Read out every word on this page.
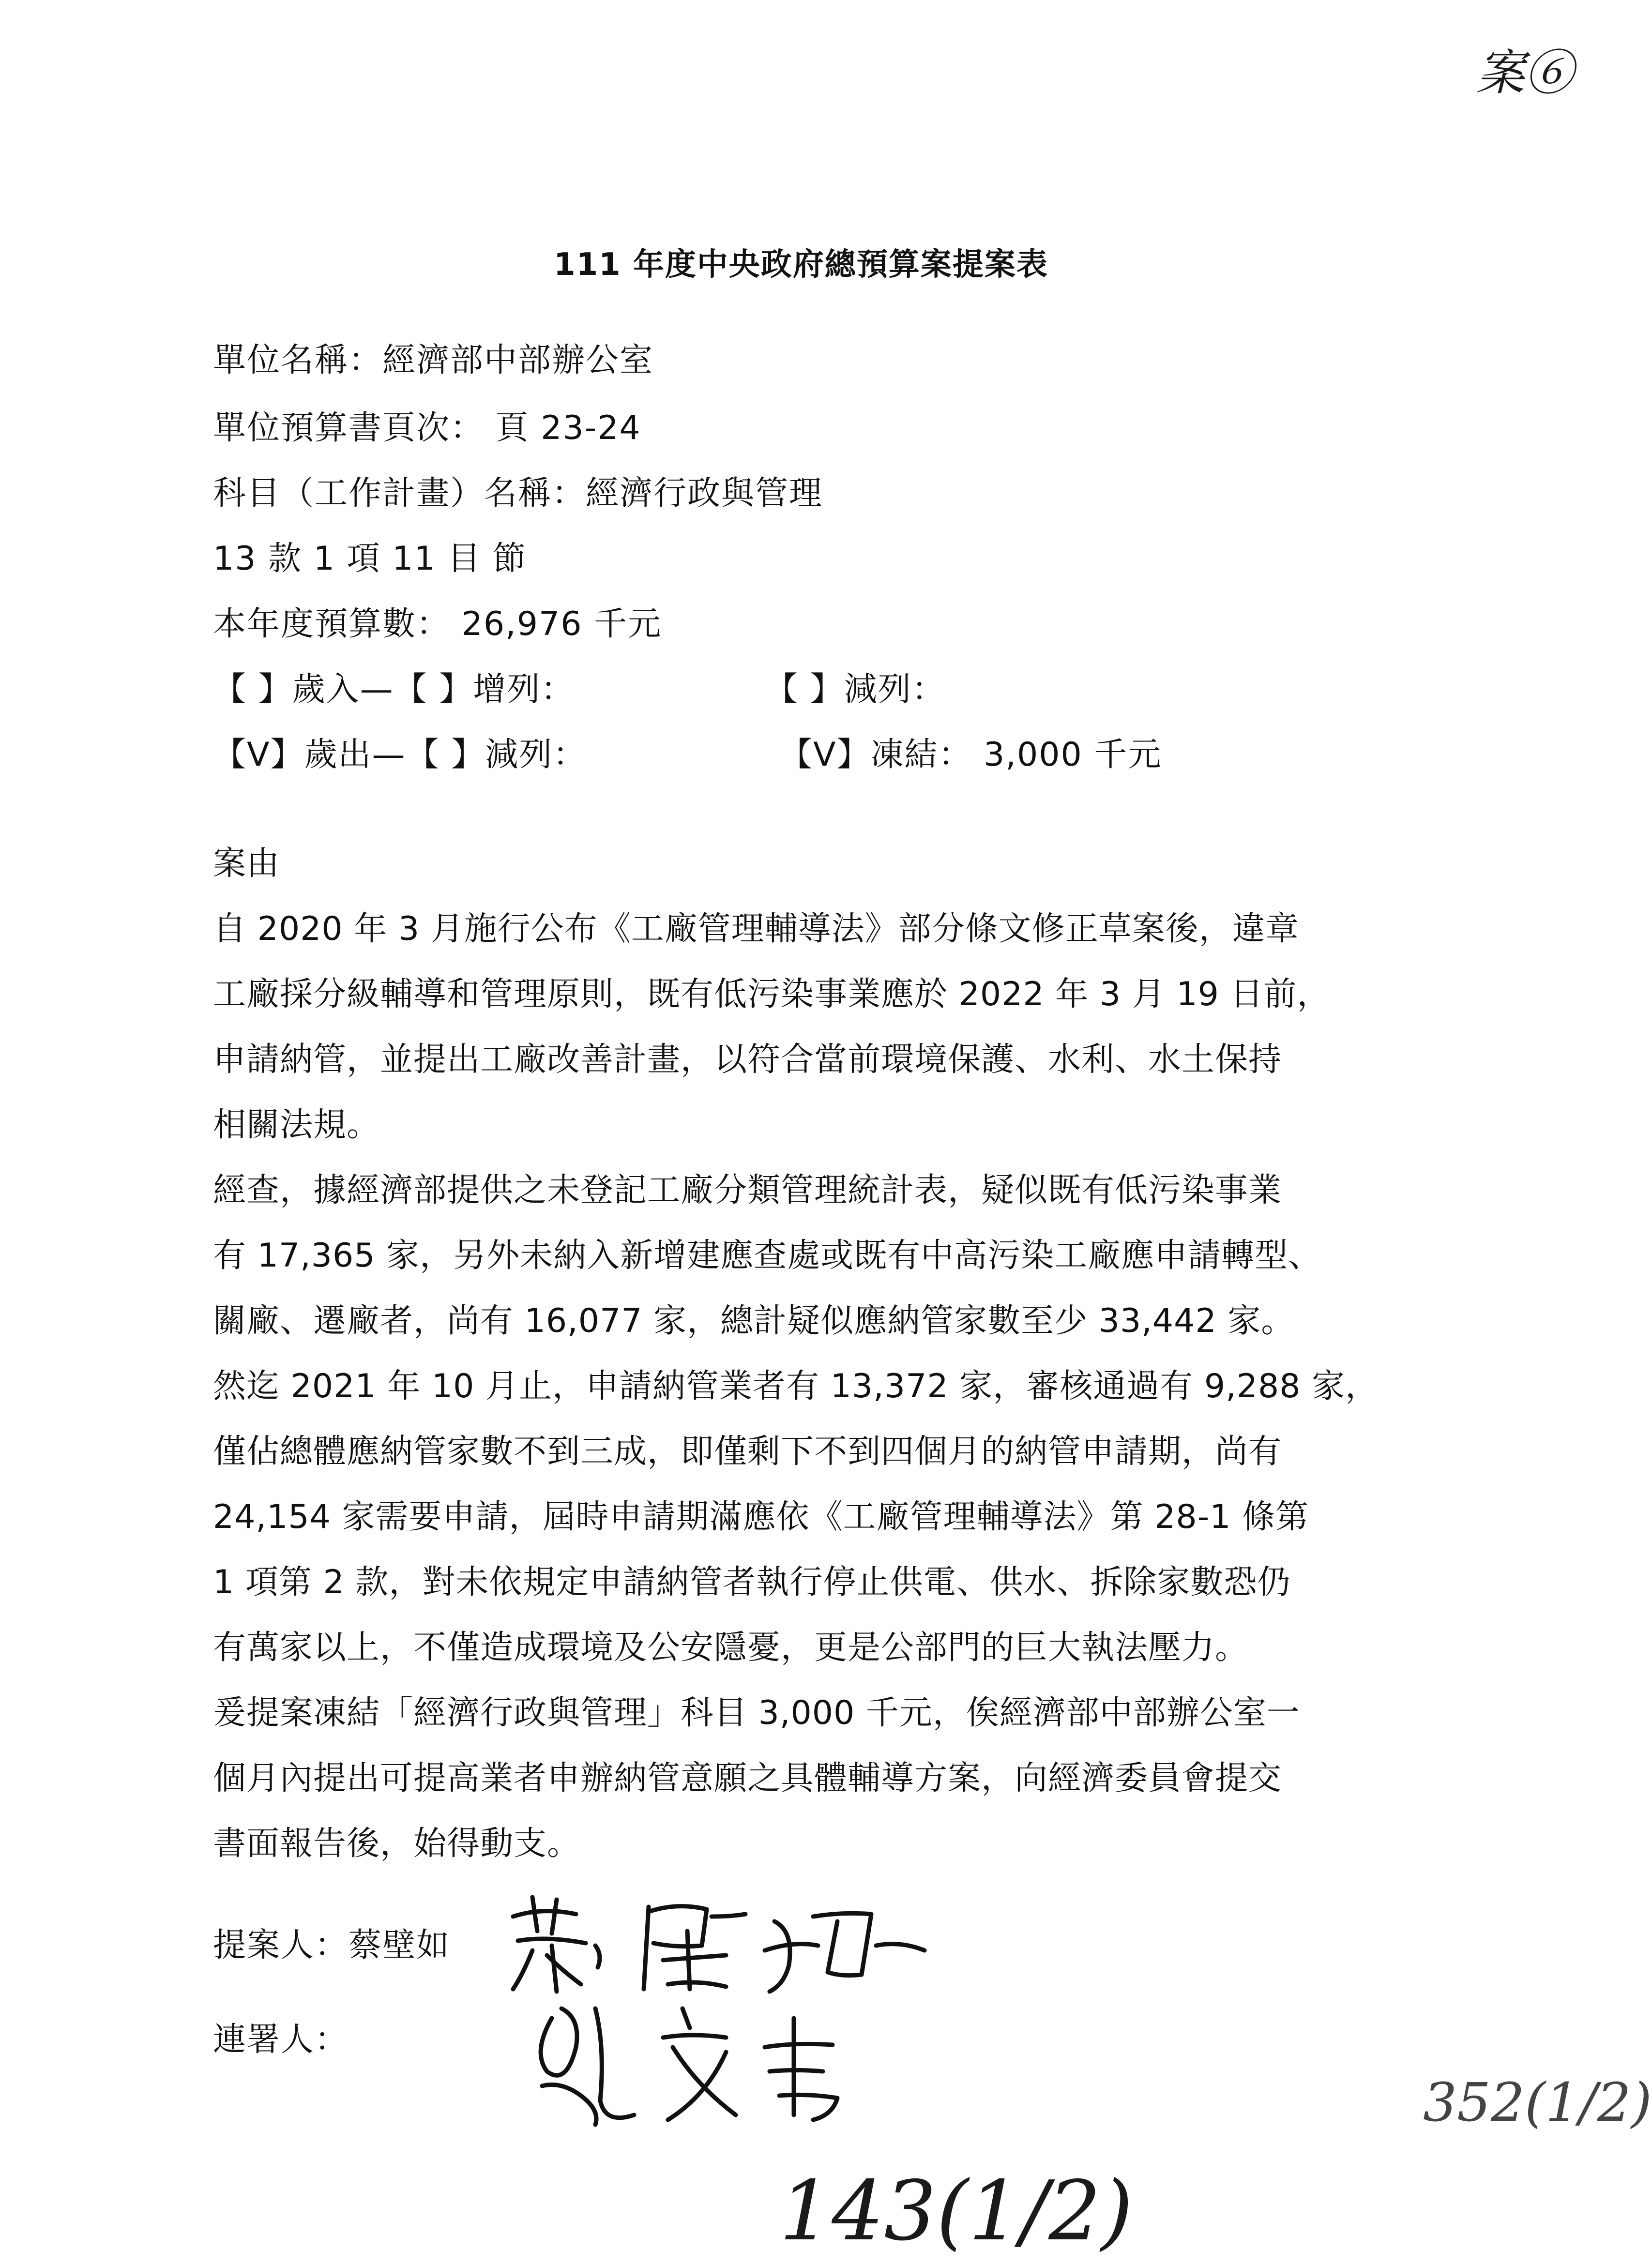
案⑥
111 年度中央政府總預算案提案表
單位名稱：經濟部中部辦公室
單位預算書頁次： 頁 23-24
科目（工作計畫）名稱：經濟行政與管理
13 款 1 項 11 目 節
本年度預算數： 26,976 千元
【 】歲入—【 】增列：	【 】減列：
【V】歲出—【 】減列：	【V】凍結： 3,000 千元
案由
自 2020 年 3 月施行公布《工廠管理輔導法》部分條文修正草案後，違章
工廠採分級輔導和管理原則，既有低污染事業應於 2022 年 3 月 19 日前，
申請納管，並提出工廠改善計畫，以符合當前環境保護、水利、水土保持
相關法規。
經查，據經濟部提供之未登記工廠分類管理統計表，疑似既有低污染事業
有 17,365 家，另外未納入新增建應查處或既有中高污染工廠應申請轉型、
關廠、遷廠者，尚有 16,077 家，總計疑似應納管家數至少 33,442 家。
然迄 2021 年 10 月止，申請納管業者有 13,372 家，審核通過有 9,288 家，
僅佔總體應納管家數不到三成，即僅剩下不到四個月的納管申請期，尚有
24,154 家需要申請，屆時申請期滿應依《工廠管理輔導法》第 28-1 條第
1 項第 2 款，對未依規定申請納管者執行停止供電、供水、拆除家數恐仍
有萬家以上，不僅造成環境及公安隱憂，更是公部門的巨大執法壓力。
爰提案凍結「經濟行政與管理」科目 3,000 千元，俟經濟部中部辦公室一
個月內提出可提高業者申辦納管意願之具體輔導方案，向經濟委員會提交
書面報告後，始得動支。
提案人：蔡壁如
連署人：
143(1/2)
352(1/2)
